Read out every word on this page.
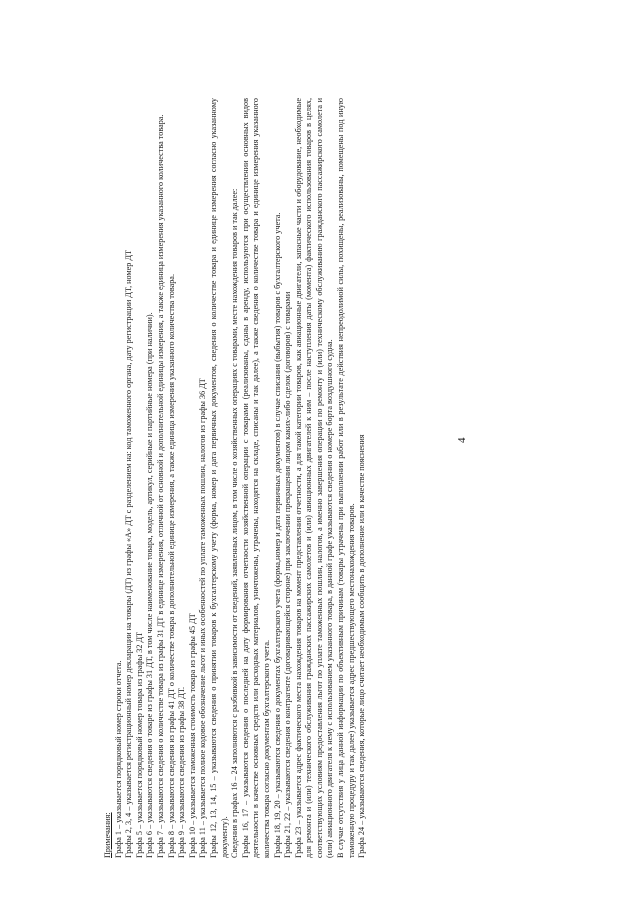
4

Примечания: Графа 1 – указывается порядковый номер строки отчета. Графы 2, 3, 4 – указывается регистрационный номер декларации на товары (ДТ) из графы «А» ДТ с разделением на: код таможенного органа, дату регистрации ДТ, номер ДТ Графа 5 – указывается порядковый номер товара из графы 32 ДТ Графа 6 – указываются сведения о товаре из графы 31 ДТ, в том числе наименование товара, модель, артикул, серийные и партийные номера (при наличии). Графа 7 – указываются сведения о количестве товара из графы 31 ДТ в единице измерения, отличной от основной и дополнительной единицы измерения, а также единица измерения указанного количества товара. Графа 8 – указываются сведения из графы 41 ДТ о количестве товара в дополнительной единице измерения, а также единица измерения указанного количества товара. Графа 9 – указываются сведения из графы 38 ДТ. Графа 10 – указывается таможенная стоимость товара из графы 45 ДТ Графа 11 – указывается полное кодовое обозначение льгот и иных особенностей по уплате таможенных пошлин, налогов из графы 36 ДТ Графы 12, 13, 14, 15 – указываются сведения о принятии товаров к бухгалтерскому учету (форма, номер и дата первичных документов, сведения о количестве товара и единице измерения согласно указанному документу). Сведения в графах 16 – 24 заполняются с разбивкой в зависимости от сведений, заявленных лицом, в том числе о хозяйственных операциях с товарами, месте нахождения товаров и так далее: Графы 16, 17 – указываются сведения о последней на дату формирования отчетности хозяйственной операции с товарами (реализованы, сданы в аренду, используются при осуществлении основных видов деятельности в качестве основных средств или расходных материалов, уничтожены, утрачены, находятся на складе, списаны и так далее), а также сведения о количестве товара и единице измерения указанного количества товара согласно документам бухгалтерского учета. Графы 18, 19, 20 – указываются сведения о документах бухгалтерского учета (форма,номер и дата первичных документов) в случае списания (выбытия) товаров с бухгалтерского учета. Графы 21, 22 – указываются сведения о контрагенте (договаривающейся стороне) при заключении прекращения лицом каких-либо сделок (договоров) с товарами Графа 23 – указывается адрес фактического места нахождения товаров на момент представления отчетности, а для такой категории товаров, как авиационные двигатели, запасные части и оборудование, необходимые для ремонта и (или) технического обслуживания гражданских пассажирских самолетов и (или) авиационных двигателей к ним – после наступления даты (момента) фактического использования товаров в целях, соответствующих условиям предоставления льгот по уплате таможенных пошлин, налогов, а именно завершения операции по ремонту и (или) техническому обслуживанию гражданского пассажирского самолета и (или) авиационного двигателя к нему с использованием указанного товара, в данной графе указываются сведения о номере борта воздушного судна. В случае отсутствия у лица данной информации по объективным причинам (товары утрачены при выполнении работ или в результате действия непреодолимой силы, похищены, реализованы, помещены под иную таможенную процедуру и так далее) указывается адрес предшествующего местонахождения товаров. Графа 24 – указываются сведения, которые лицо считает необходимым сообщить в дополнение или в качестве пояснения
